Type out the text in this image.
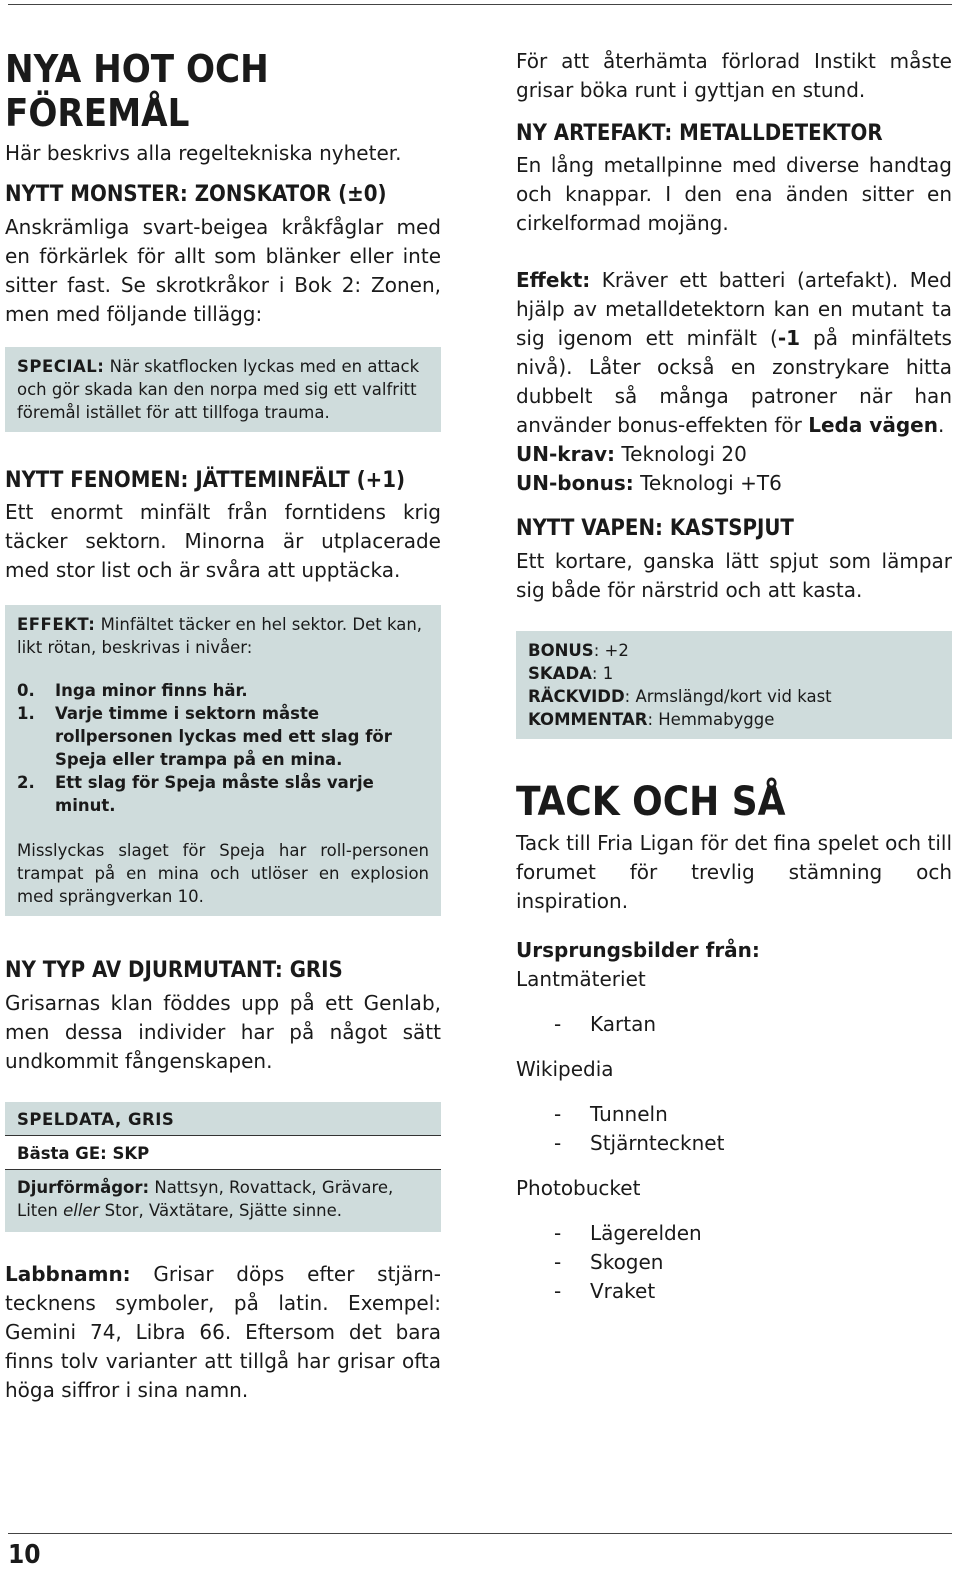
NYA HOT OCH FÖREMÅL

Här beskrivs alla regeltekniska nyheter.

NYTT MONSTER: ZONSKATOR (±0)

Anskrämliga svart-beigea kråkfåglar med en förkärlek för allt som blänker eller inte sitter fast. Se skrotkråkor i Bok 2: Zonen, men med följande tillägg:

SPECIAL: När skatflocken lyckas med en attack och gör skada kan den norpa med sig ett valfritt föremål istället för att tillfoga trauma.
NYTT FENOMEN: JÄTTEMINFÄLT (+1)

Ett enormt minfält från forntidens krig täcker sektorn. Minorna är utplacerade med stor list och är svåra att upptäcka.

EFFEKT: Minfältet täcker en hel sektor. Det kan, likt rötan, beskrivas i nivåer:
0.	Inga minor finns här.
1.	Varje timme i sektorn måste rollpersonen lyckas med ett slag för Speja eller trampa på en mina.
2.	Ett slag för Speja måste slås varje minut.
Misslyckas slaget för Speja har roll-personen trampat på en mina och utlöser en explosion med sprängverkan 10.
NY TYP AV DJURMUTANT: GRIS

Grisarnas klan föddes upp på ett Genlab, men dessa individer har på något sätt undkommit fångenskapen.

SPELDATA, GRIS
Bästa GE: SKP
Djurförmågor: Nattsyn, Rovattack, Grävare, Liten eller Stor, Växtätare, Sjätte sinne.

Labbnamn: Grisar döps efter stjärn-tecknens symboler, på latin. Exempel: Gemini 74, Libra 66. Eftersom det bara finns tolv varianter att tillgå har grisar ofta höga siffror i sina namn.

För att återhämta förlorad Instikt måste grisar böka runt i gyttjan en stund.

NY ARTEFAKT: METALLDETEKTOR

En lång metallpinne med diverse handtag och knappar. I den ena änden sitter en cirkelformad mojäng.

Effekt: Kräver ett batteri (artefakt). Med hjälp av metalldetektorn kan en mutant ta sig igenom ett minfält (-1 på minfältets nivå). Låter också en zonstrykare hitta dubbelt så många patroner när han använder bonus-effekten för Leda vägen.

UN-krav: Teknologi 20

UN-bonus: Teknologi +T6

NYTT VAPEN: KASTSPJUT

Ett kortare, ganska lätt spjut som lämpar sig både för närstrid och att kasta.

BONUS: +2
SKADA: 1
RÄCKVIDD: Armslängd/kort vid kast
KOMMENTAR: Hemmabygge
TACK OCH SÅ

Tack till Fria Ligan för det fina spelet och till forumet för trevlig stämning och inspiration.

Ursprungsbilder från:

Lantmäteriet

-	Kartan

Wikipedia

-	Tunneln
-	Stjärntecknet

Photobucket

-	Lägerelden
-	Skogen
-	Vraket
10
